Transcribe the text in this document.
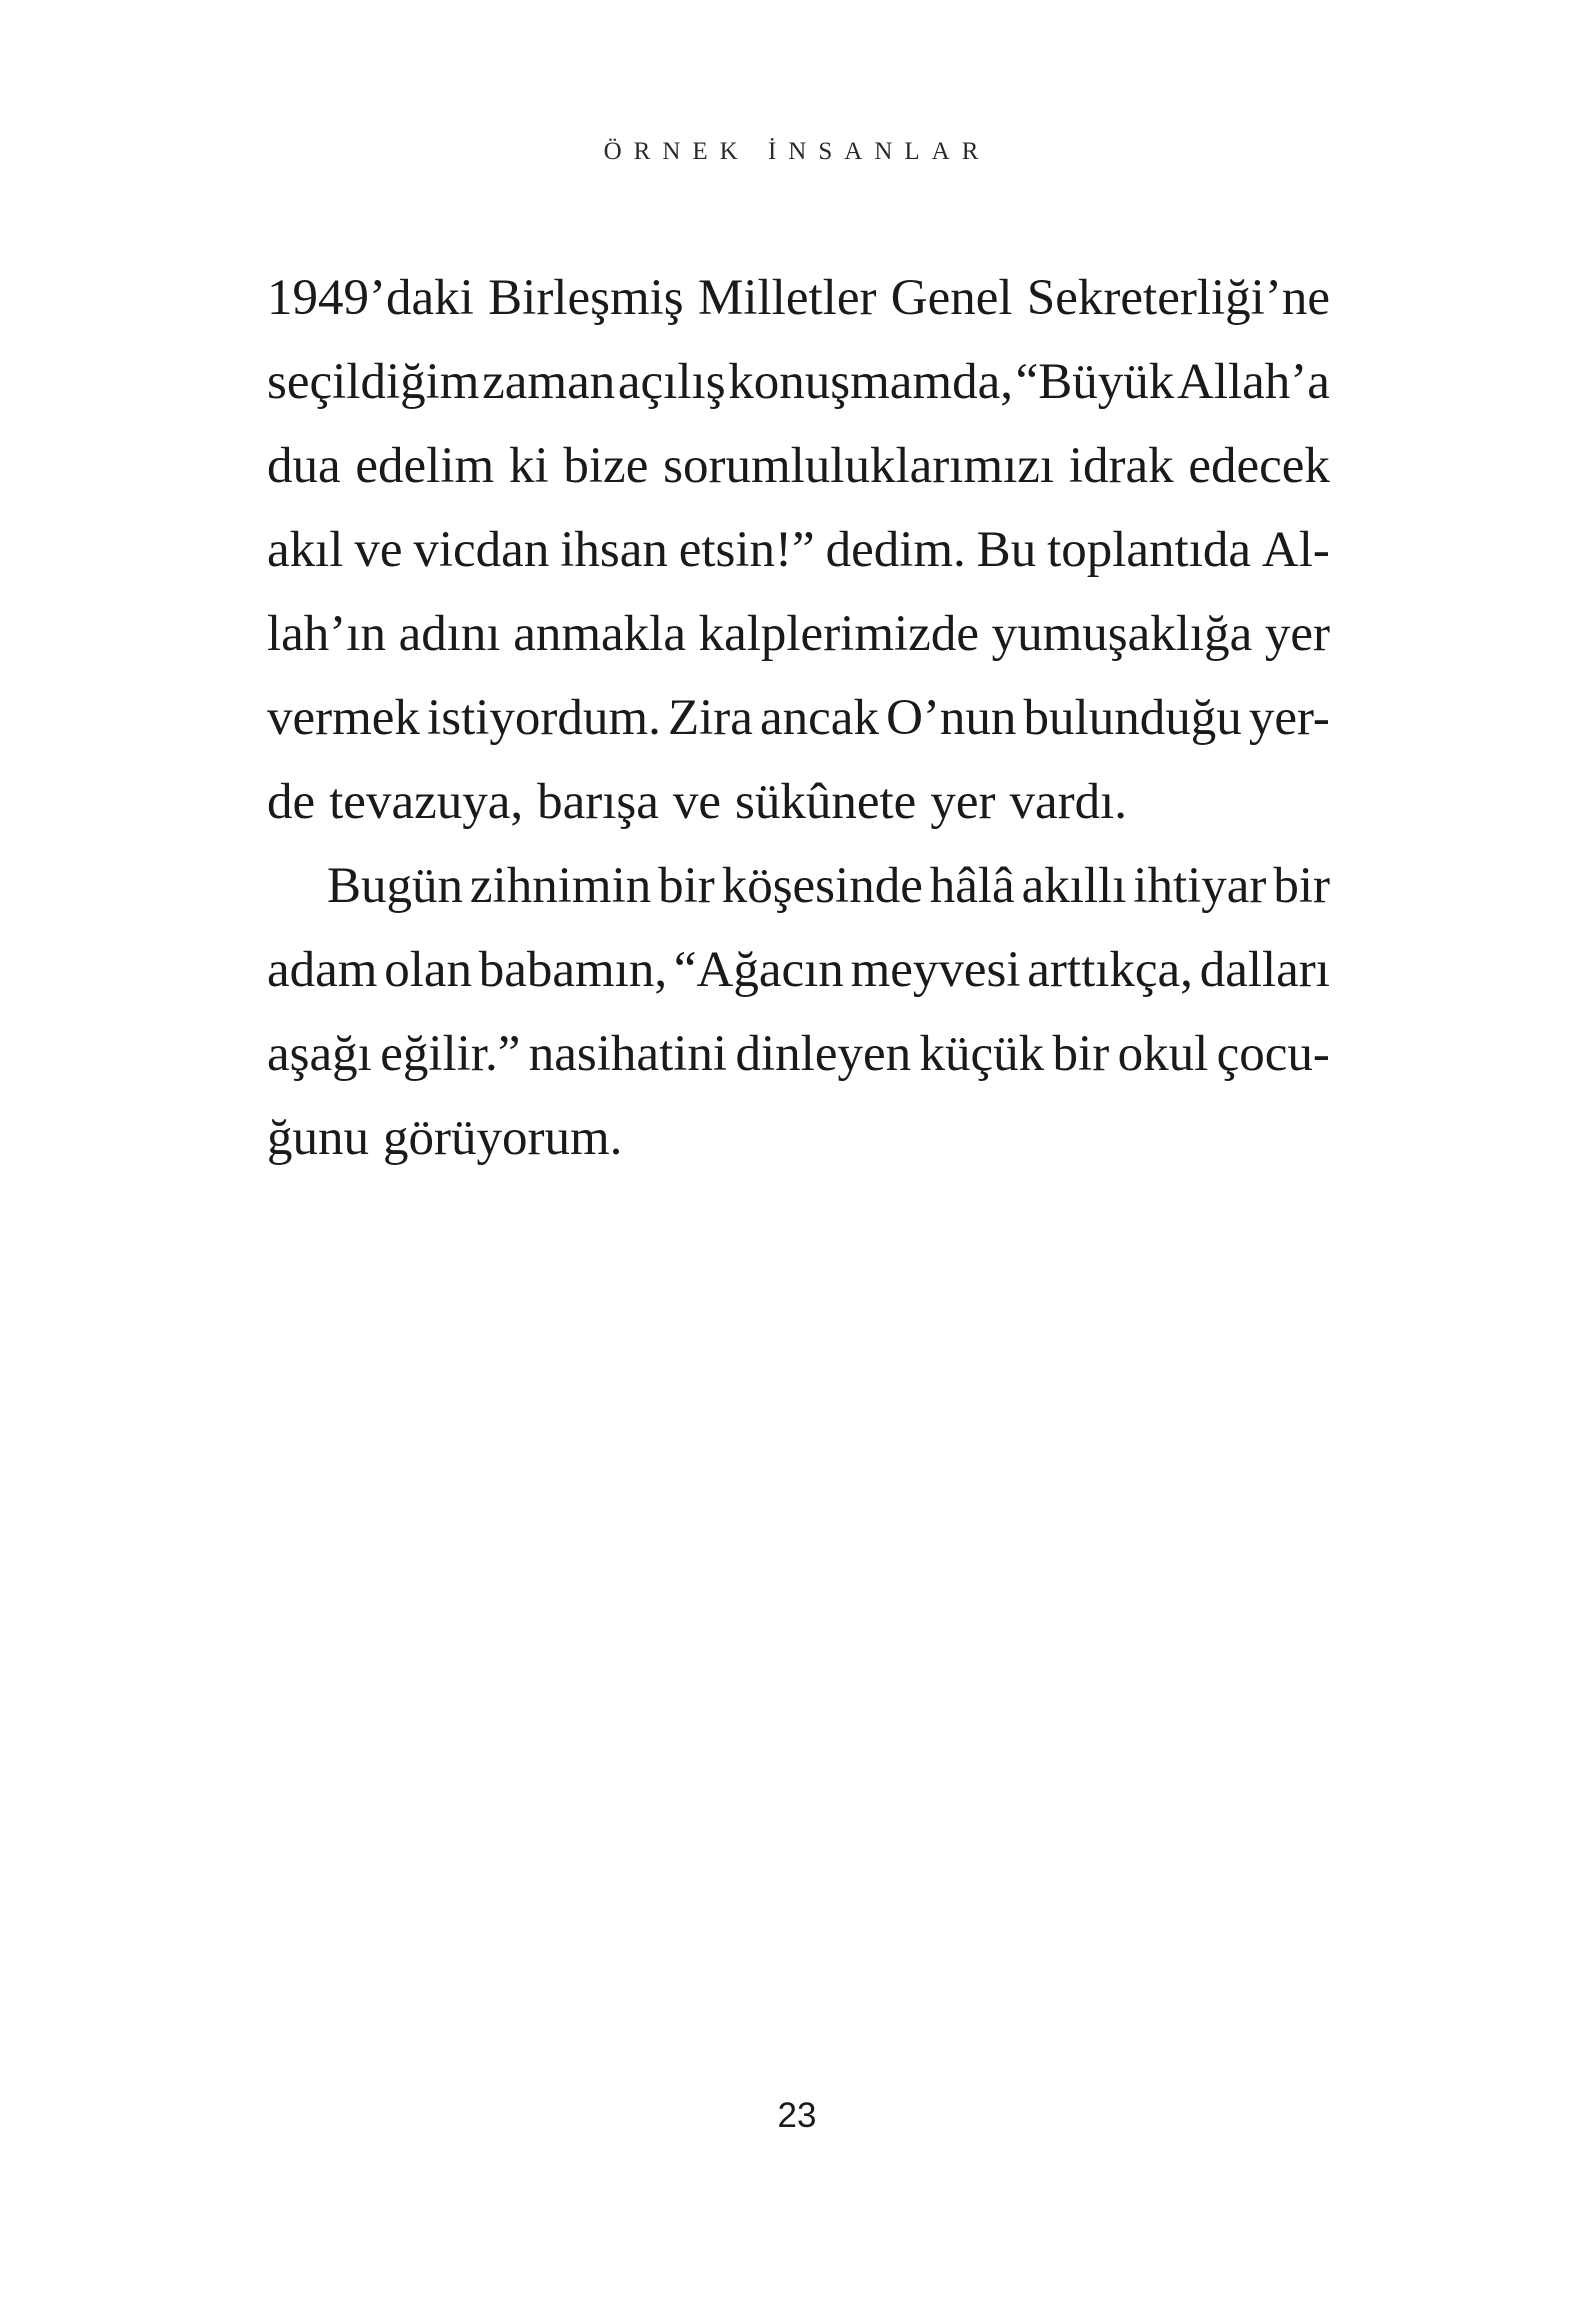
ÖRNEK İNSANLAR
1949’daki Birleşmiş Milletler Genel Sekreterliği’ne
seçildiğim zaman açılış konuşmamda, “Büyük Allah’a
dua edelim ki bize sorumluluklarımızı idrak edecek
akıl ve vicdan ihsan etsin!” dedim. Bu toplantıda Al-
lah’ın adını anmakla kalplerimizde yumuşaklığa yer
vermek istiyordum. Zira ancak O’nun bulunduğu yer-
de tevazuya, barışa ve sükûnete yer vardı.
Bugün zihnimin bir köşesinde hâlâ akıllı ihtiyar bir
adam olan babamın, “Ağacın meyvesi arttıkça, dalları
aşağı eğilir.” nasihatini dinleyen küçük bir okul çocu-
ğunu görüyorum.
23
